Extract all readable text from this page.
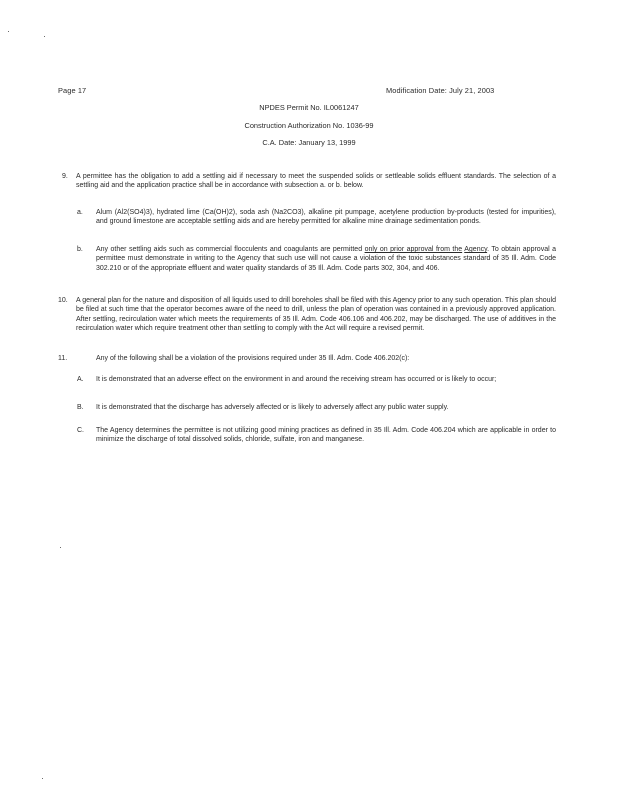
Page 17	Modification Date: July 21, 2003
NPDES Permit No. IL0061247
Construction Authorization No. 1036-99
C.A. Date: January 13, 1999
9. A permittee has the obligation to add a settling aid if necessary to meet the suspended solids or settleable solids effluent standards. The selection of a settling aid and the application practice shall be in accordance with subsection a. or b. below.
a. Alum (Al2(SO4)3), hydrated lime (Ca(OH)2), soda ash (Na2CO3), alkaline pit pumpage, acetylene production by-products (tested for impurities), and ground limestone are acceptable settling aids and are hereby permitted for alkaline mine drainage sedimentation ponds.
b. Any other settling aids such as commercial flocculents and coagulants are permitted only on prior approval from the Agency. To obtain approval a permittee must demonstrate in writing to the Agency that such use will not cause a violation of the toxic substances standard of 35 Ill. Adm. Code 302.210 or of the appropriate effluent and water quality standards of 35 Ill. Adm. Code parts 302, 304, and 406.
10. A general plan for the nature and disposition of all liquids used to drill boreholes shall be filed with this Agency prior to any such operation. This plan should be filed at such time that the operator becomes aware of the need to drill, unless the plan of operation was contained in a previously approved application. After settling, recirculation water which meets the requirements of 35 Ill. Adm. Code 406.106 and 406.202, may be discharged. The use of additives in the recirculation water which require treatment other than settling to comply with the Act will require a revised permit.
11.	Any of the following shall be a violation of the provisions required under 35 Ill. Adm. Code 406.202(c):
A. It is demonstrated that an adverse effect on the environment in and around the receiving stream has occurred or is likely to occur;
B. It is demonstrated that the discharge has adversely affected or is likely to adversely affect any public water supply.
C. The Agency determines the permittee is not utilizing good mining practices as defined in 35 Ill. Adm. Code 406.204 which are applicable in order to minimize the discharge of total dissolved solids, chloride, sulfate, iron and manganese.
